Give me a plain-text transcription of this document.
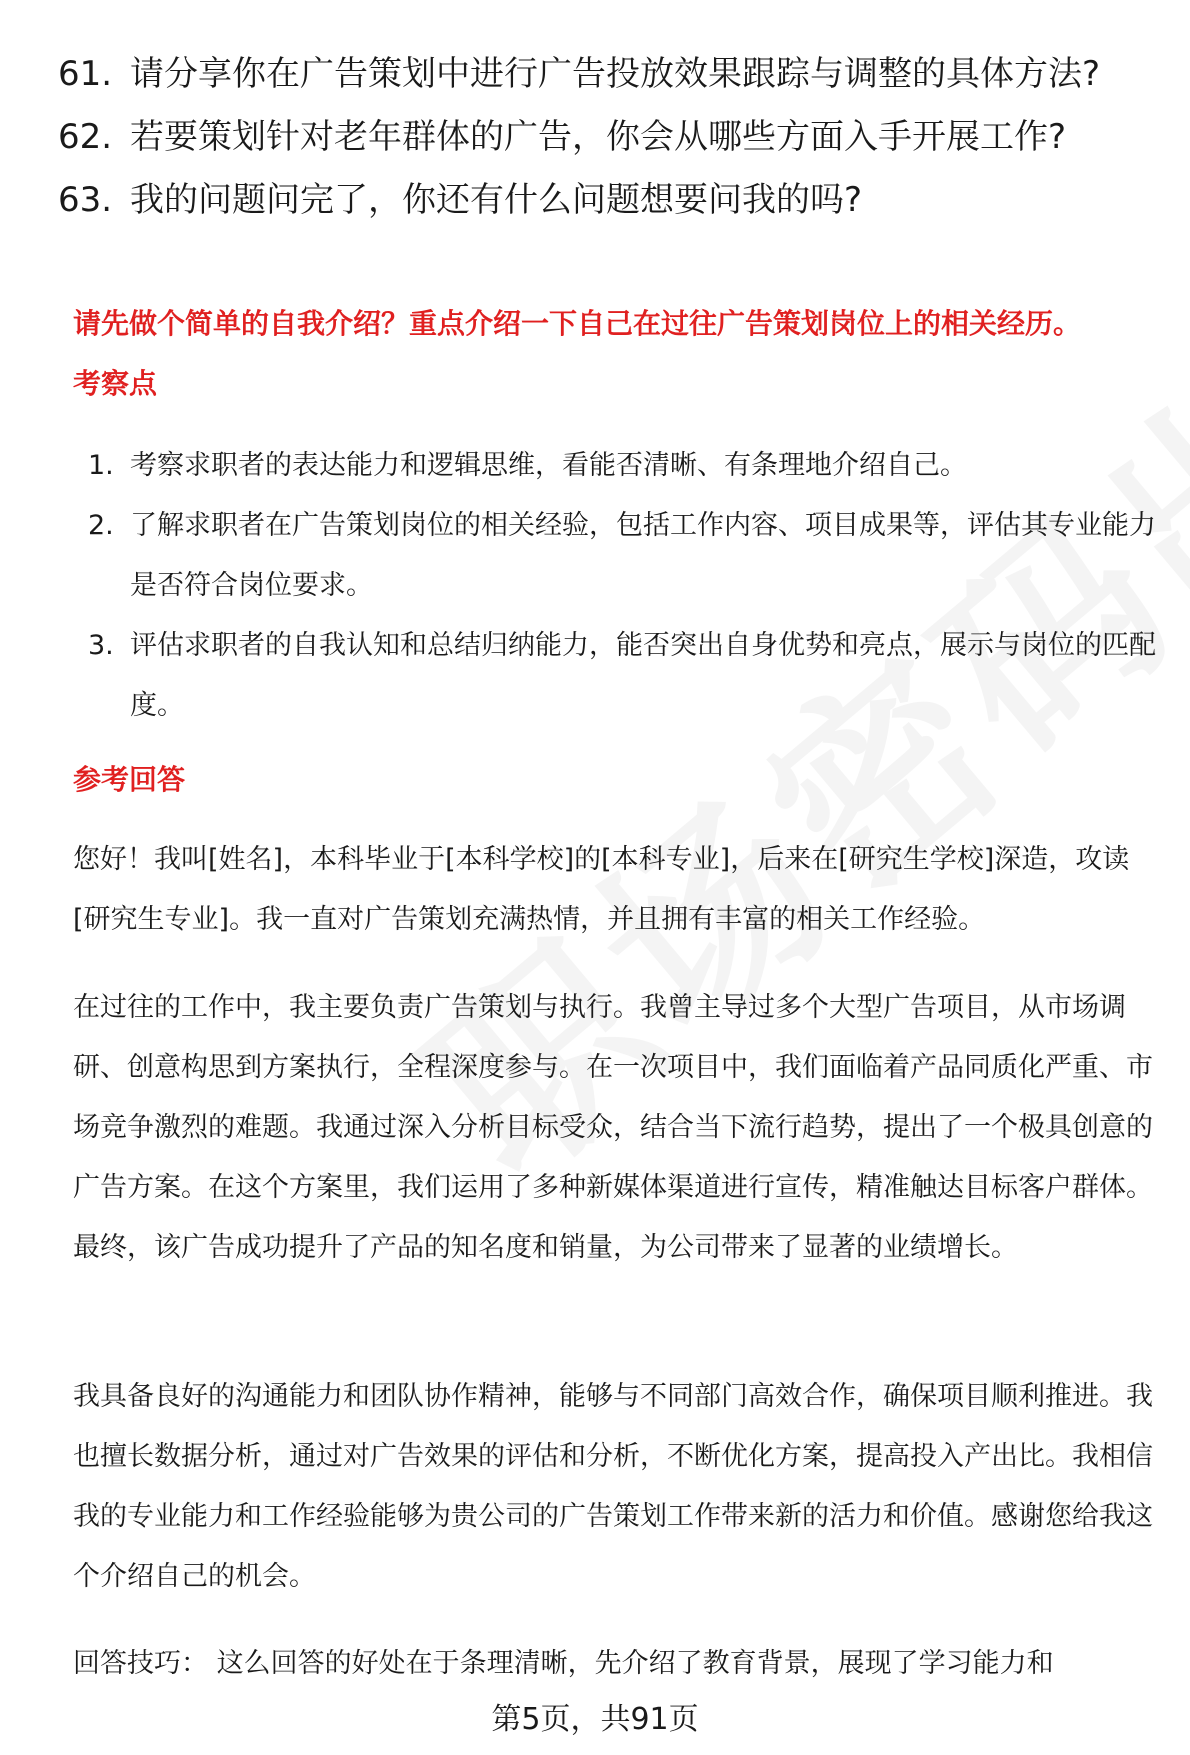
61. 请分享你在广告策划中进行广告投放效果跟踪与调整的具体方法?
62. 若要策划针对老年群体的广告，你会从哪些方面入手开展工作?
63. 我的问题问完了，你还有什么问题想要问我的吗?
请先做个简单的自我介绍？重点介绍一下自己在过往广告策划岗位上的相关经历。
考察点
1. 考察求职者的表达能力和逻辑思维，看能否清晰、有条理地介绍自己。
2. 了解求职者在广告策划岗位的相关经验，包括工作内容、项目成果等，评估其专业能力是否符合岗位要求。
3. 评估求职者的自我认知和总结归纳能力，能否突出自身优势和亮点，展示与岗位的匹配度。
参考回答

您好！我叫[姓名]，本科毕业于[本科学校]的[本科专业]，后来在[研究生学校]深造，攻读[研究生专业]。我一直对广告策划充满热情，并且拥有丰富的相关工作经验。

在过往的工作中，我主要负责广告策划与执行。我曾主导过多个大型广告项目，从市场调研、创意构思到方案执行，全程深度参与。在一次项目中，我们面临着产品同质化严重、市场竞争激烈的难题。我通过深入分析目标受众，结合当下流行趋势，提出了一个极具创意的广告方案。在这个方案里，我们运用了多种新媒体渠道进行宣传，精准触达目标客户群体。最终，该广告成功提升了产品的知名度和销量，为公司带来了显著的业绩增长。

我具备良好的沟通能力和团队协作精神，能够与不同部门高效合作，确保项目顺利推进。我也擅长数据分析，通过对广告效果的评估和分析，不断优化方案，提高投入产出比。我相信我的专业能力和工作经验能够为贵公司的广告策划工作带来新的活力和价值。感谢您给我这个介绍自己的机会。

回答技巧： 这么回答的好处在于条理清晰，先介绍了教育背景，展现了学习能力和

第5页，共91页
